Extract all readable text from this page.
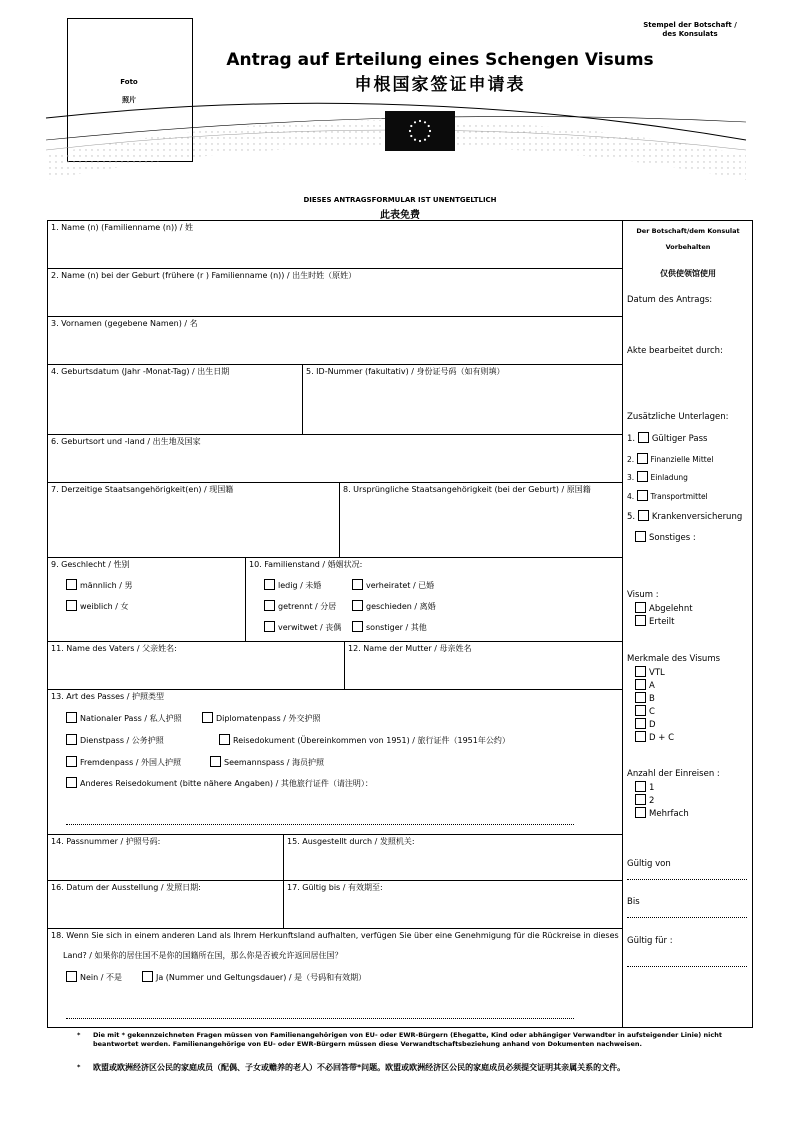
Foto
照片
Stempel der Botschaft / des Konsulats
Antrag auf Erteilung eines Schengen Visums
申根国家签证申请表
DIESES ANTRAGSFORMULAR IST UNENTGELTLICH
此表免费
1. Name (n) (Familienname (n)) / 姓
2. Name (n) bei der Geburt (frühere (r ) Familienname (n)) / 出生时姓（原姓）
3. Vornamen (gegebene Namen) / 名
4. Geburtsdatum (Jahr -Monat-Tag) / 出生日期	5. ID-Nummer (fakultativ) / 身份证号码（如有则填）
6. Geburtsort und -land / 出生地及国家
7. Derzeitige Staatsangehörigkeit(en) / 现国籍	8. Ursprüngliche Staatsangehörigkeit (bei der Geburt) / 原国籍
9. Geschlecht / 性别	10. Familienstand / 婚姻状况:
11. Name des Vaters / 父亲姓名:	12. Name der Mutter / 母亲姓名
13. Art des Passes / 护照类型
14. Passnummer / 护照号码:	15. Ausgestellt durch / 发照机关:
16. Datum der Ausstellung / 发照日期:	17. Gültig bis / 有效期至:
18. Wenn Sie sich in einem anderen Land als Ihrem Herkunftsland aufhalten, verfügen Sie über eine Genehmigung für die Rückreise in dieses
Land? / 如果你的居住国不是你的国籍所在国，那么你是否被允许返回居住国？
männlich / 男
weiblich / 女
ledig / 未婚	verheiratet / 已婚
getrennt / 分居	geschieden / 离婚
verwitwet / 丧偶	sonstiger / 其他
Nationaler Pass / 私人护照	Diplomatenpass / 外交护照
Dienstpass / 公务护照	Reisedokument (Übereinkommen von 1951) / 旅行证件（1951年公约）
Fremdenpass / 外国人护照	Seemannspass / 海员护照
Anderes Reisedokument (bitte nähere Angaben) / 其他旅行证件（请注明）：
Nein / 不是	Ja (Nummer und Geltungsdauer) / 是（号码和有效期）
Der Botschaft/dem Konsulat
Vorbehalten
仅供使领馆使用
Datum des Antrags:
Akte bearbeitet durch:
Zusätzliche Unterlagen:
1. Gültiger Pass
2. Finanzielle Mittel
3. Einladung
4. Transportmittel
5. Krankenversicherung
Sonstiges :
Visum :
Abgelehnt
Erteilt
Merkmale des Visums
VTL
A
B
C
D
D + C
Anzahl der Einreisen :
1
2
Mehrfach
Gültig von
Bis
Gültig für :
* Die mit * gekennzeichneten Fragen müssen von Familienangehörigen von EU- oder EWR-Bürgern (Ehegatte, Kind oder abhängiger Verwandter in aufsteigender Linie) nicht beantwortet werden. Familienangehörige von EU- oder EWR-Bürgern müssen diese Verwandtschaftsbeziehung anhand von Dokumenten nachweisen.
* 欧盟或欧洲经济区公民的家庭成员（配偶、子女或赡养的老人）不必回答带*问题。欧盟或欧洲经济区公民的家庭成员必须提交证明其亲属关系的文件。
